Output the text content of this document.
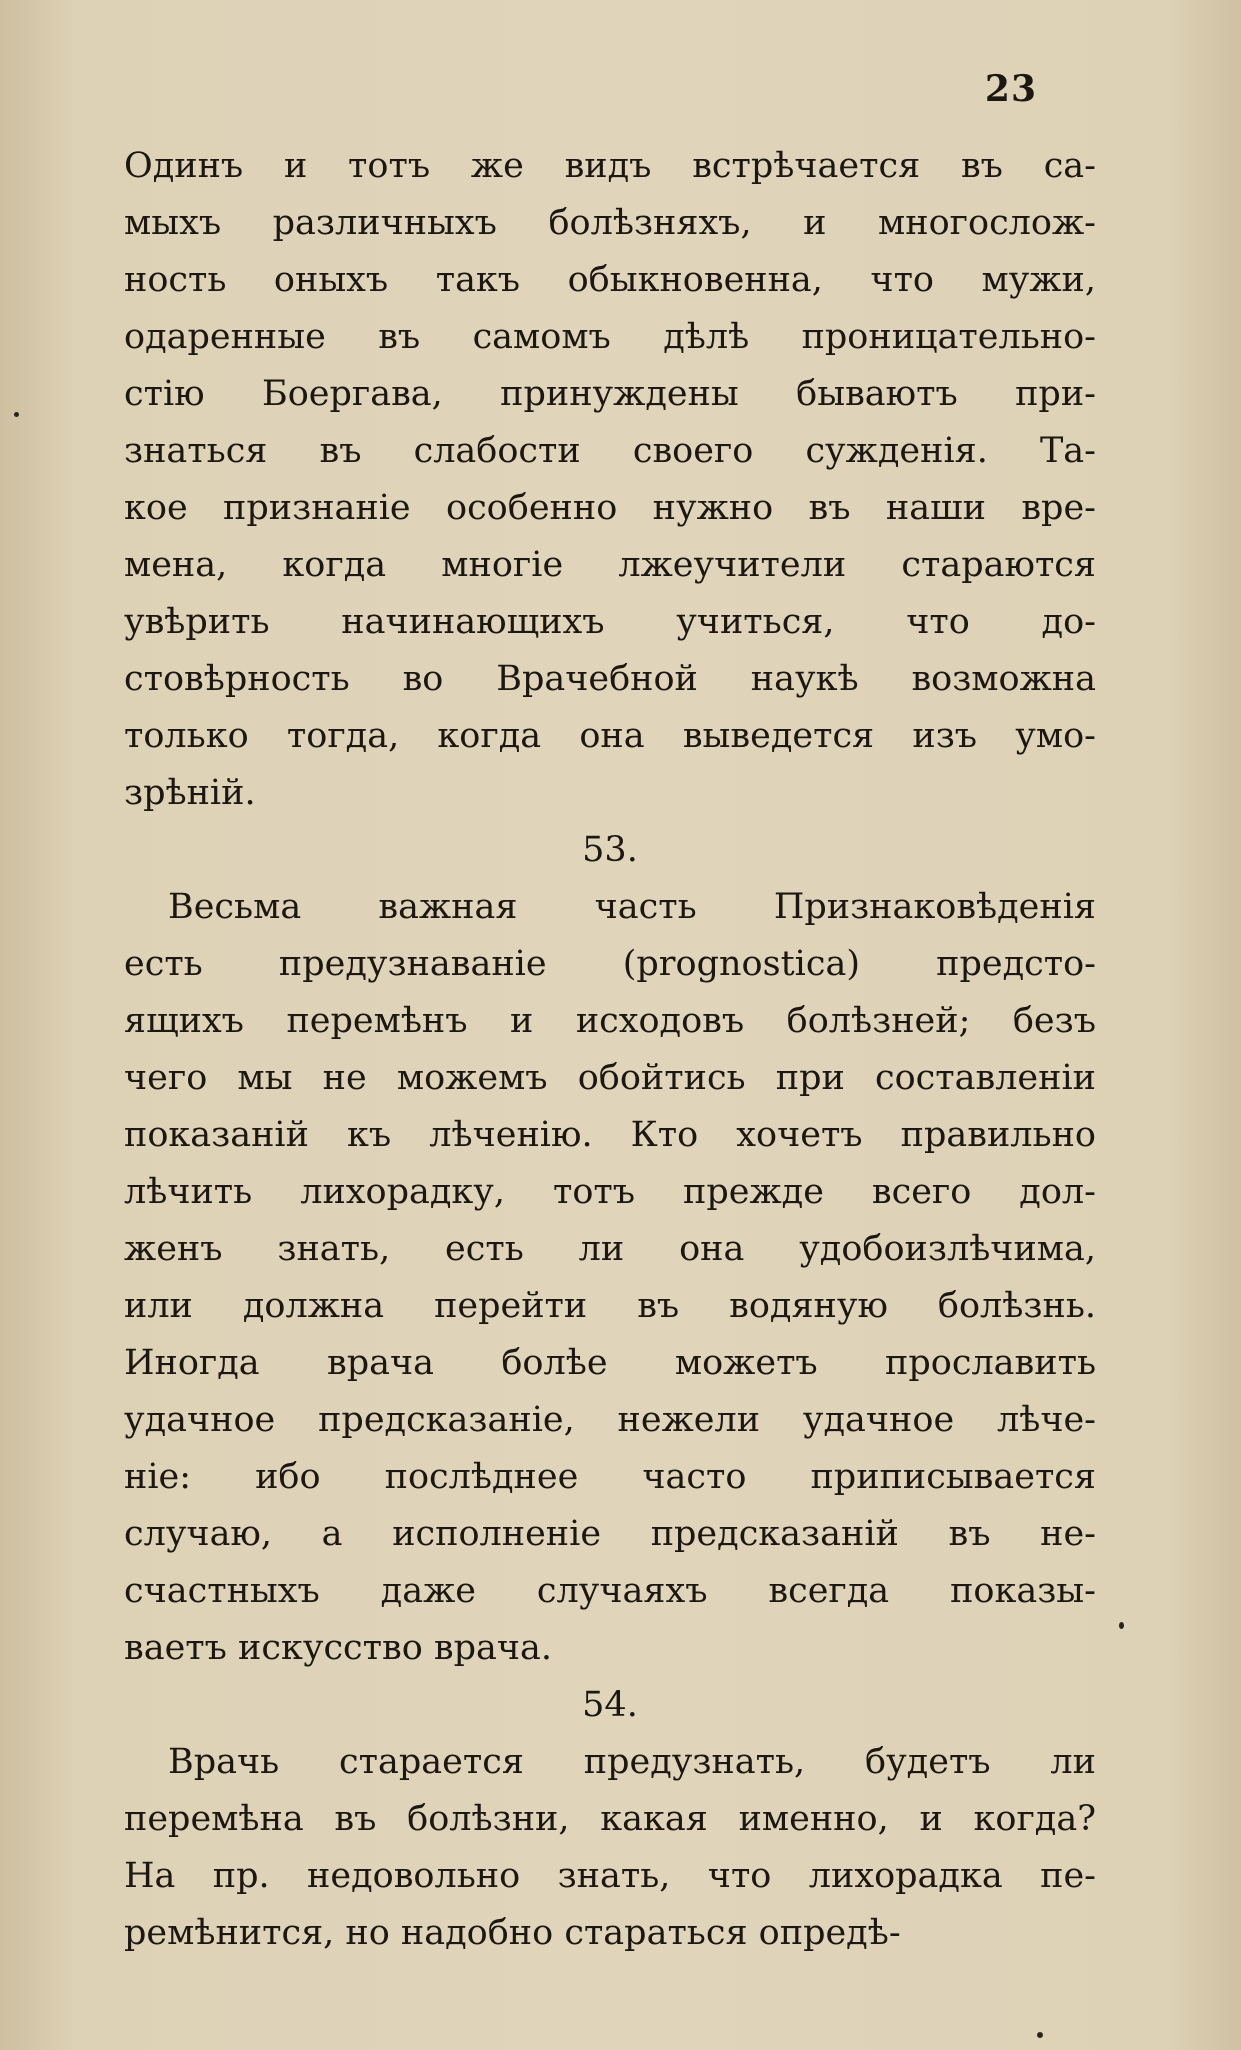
23
Одинъ и тотъ же видъ встрѣчается въ са-
мыхъ различныхъ болѣзняхъ, и многослож-
ность оныхъ такъ обыкновенна, что мужи,
одаренные въ самомъ дѣлѣ проницательно-
стію Боергава, принуждены бываютъ при-
знаться въ слабости своего сужденія. Та-
кое признаніе особенно нужно въ наши вре-
мена, когда многіе лжеучители стараются
увѣрить начинающихъ учиться, что до-
стовѣрность во Врачебной наукѣ возможна
только тогда, когда она выведется изъ умо-
зрѣній.
53.
Весьма важная часть Признаковѣденія
есть предузнаваніе (prognostica) предсто-
ящихъ перемѣнъ и исходовъ болѣзней; безъ
чего мы не можемъ обойтись при составленіи
показаній къ лѣченію. Кто хочетъ правильно
лѣчить лихорадку, тотъ прежде всего дол-
женъ знать, есть ли она удобоизлѣчима,
или должна перейти въ водяную болѣзнь.
Иногда врача болѣе можетъ прославить
удачное предсказаніе, нежели удачное лѣче-
ніе: ибо послѣднее часто приписывается
случаю, а исполненіе предсказаній въ не-
счастныхъ даже случаяхъ всегда показы-
ваетъ искусство врача.
54.
Врачь старается предузнать, будетъ ли
перемѣна въ болѣзни, какая именно, и когда?
На пр. недовольно знать, что лихорадка пе-
ремѣнится, но надобно стараться опредѣ-
